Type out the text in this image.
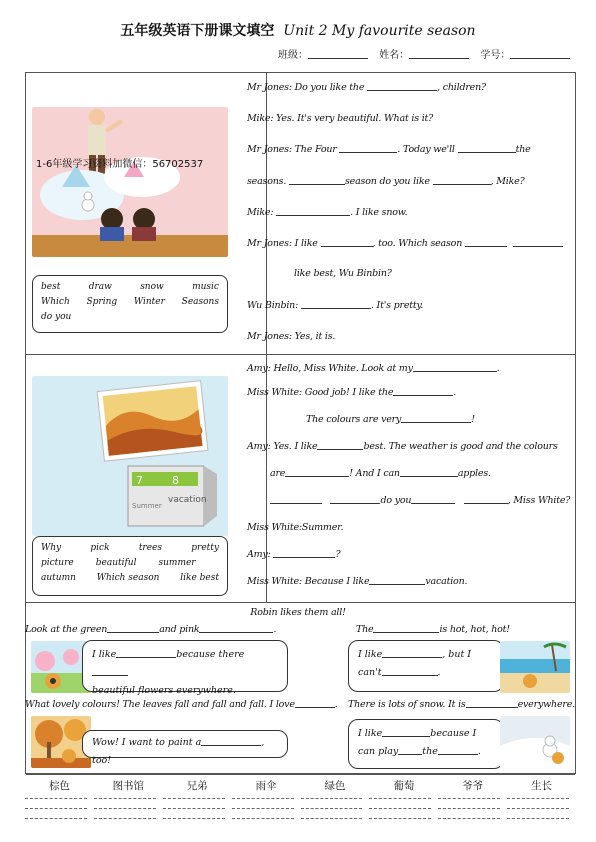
五年级英语下册课文填空 Unit 2 My favourite season
班级：	姓名：	学号：
1-6年级学习资料加微信：56702537
best	draw	snow	music
Which Spring Winter Seasons
do you
Mr Jones: Do you like the	, children?
Mike: Yes. It's very beautiful. What is it?
Mr Jones: The Four	. Today we'll	the
seasons.	season do you like	, Mike?
Mike:	. I like snow.
Mr Jones: I like	, too. Which season
like best, Wu Binbin?
Wu Binbin:	. It's pretty.
Mr Jones: Yes, it is.
7	8
vacation
Summer
Why	pick	trees	pretty
picture beautiful summer
autumn Which season like best
Amy: Hello, Miss White. Look at my	.
Miss White: Good job! I like the	.
The colours are very	!
Amy: Yes. I like	best. The weather is good and the colours
are	! And I can	apples.
do you	, Miss White?
Miss White:Summer.
Amy:	?
Miss White: Because I like	vacation.
Robin likes them all!
Look at the green	and pink	.	The	is hot, hot, hot!
I like	because there
beautiful flowers everywhere.
I like	, but I
can't	.
What lovely colours! The leaves fall and fall and fall. I love	. There is lots of snow. It is	everywhere.
Wow! I want to paint a	, too!
I like	because I
can play	the	.
棕色	图书馆	兄弟	雨伞	绿色	葡萄	爷爷	生长
